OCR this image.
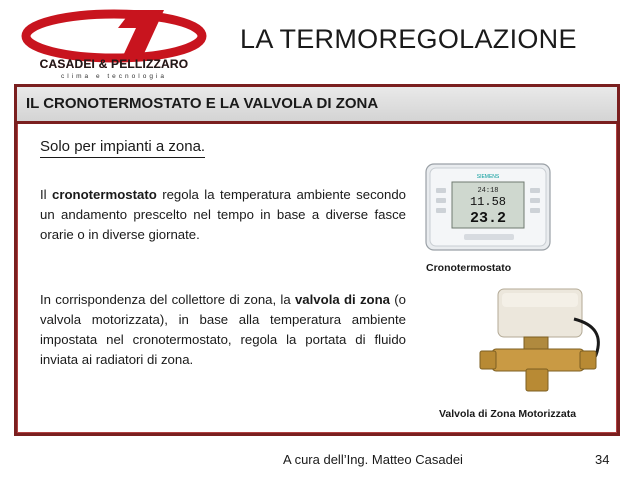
CASADEI & PELLIZZARO
clima e tecnologia
LA TERMOREGOLAZIONE
IL CRONOTERMOSTATO E LA VALVOLA DI ZONA
Solo per impianti a zona.
Il cronotermostato regola la temperatura ambiente secondo un andamento prescelto nel tempo in base a diverse fasce orarie o in diverse giornate.
In corrispondenza del collettore di zona, la valvola di zona (o valvola motorizzata), in base alla temperatura ambiente impostata nel cronotermostato, regola la portata di fluido inviata ai radiatori di zona.
SIEMENS
24:18
11.58
23.2
Cronotermostato
Valvola di Zona Motorizzata
A cura dell’Ing. Matteo Casadei	34
